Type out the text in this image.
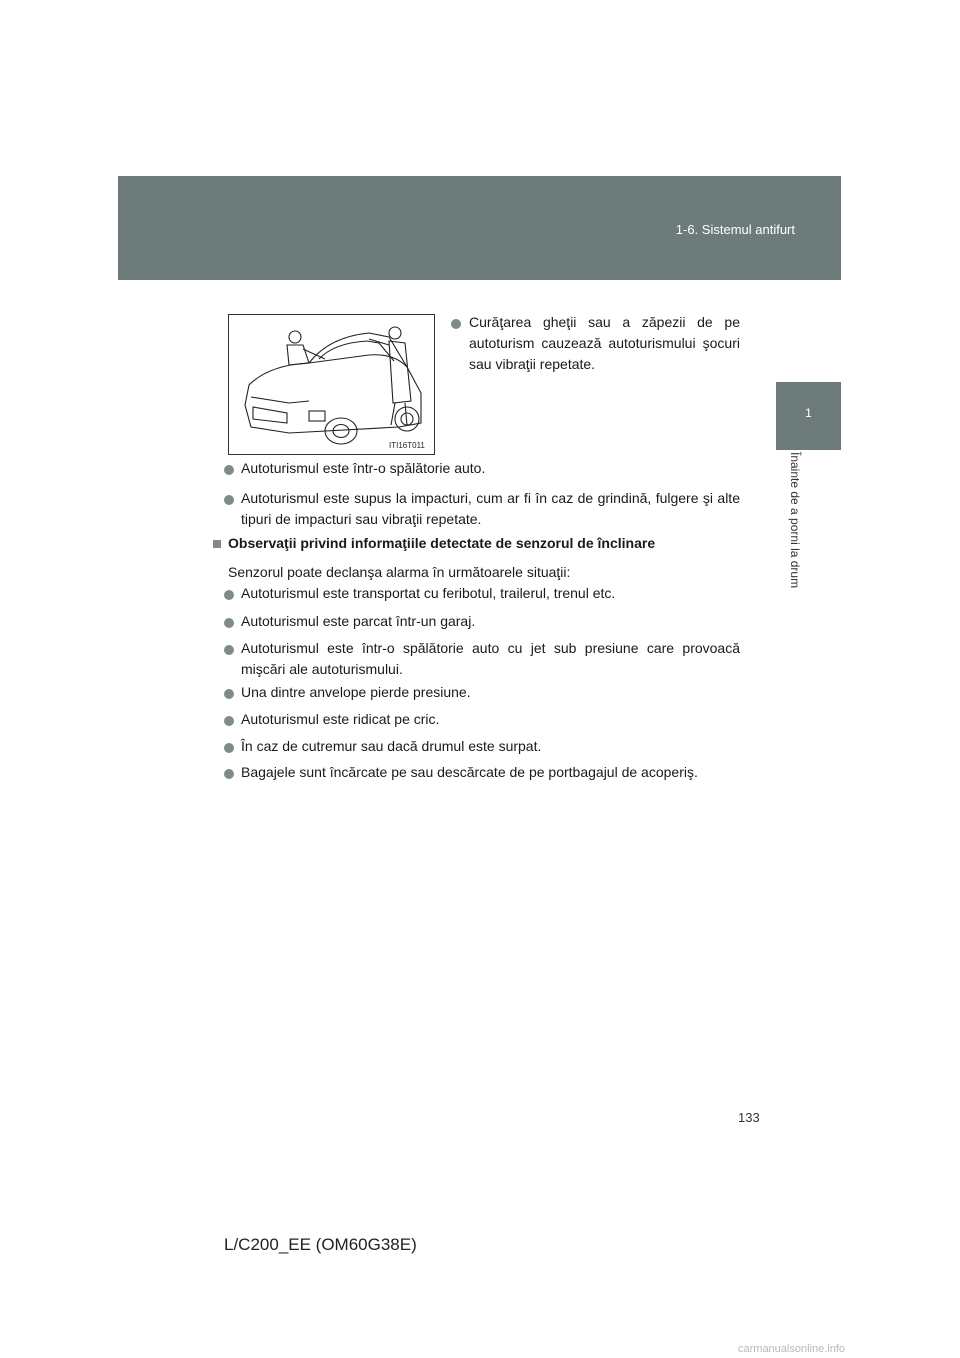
1-6. Sistemul antifurt
1
Înainte de a porni la drum
ITI16T011
Curăţarea gheţii sau a zăpezii de pe autoturism cauzează autoturismului şocuri sau vibraţii repetate.
Autoturismul este într-o spălătorie auto.
Autoturismul este supus la impacturi, cum ar fi în caz de grindină, fulgere şi alte tipuri de impacturi sau vibraţii repetate.
Observaţii privind informaţiile detectate de senzorul de înclinare
Senzorul poate declanşa alarma în următoarele situaţii:
Autoturismul este transportat cu feribotul, trailerul, trenul etc.
Autoturismul este parcat într-un garaj.
Autoturismul este într-o spălătorie auto cu jet sub presiune care provoacă mişcări ale autoturismului.
Una dintre anvelope pierde presiune.
Autoturismul este ridicat pe cric.
În caz de cutremur sau dacă drumul este surpat.
Bagajele sunt încărcate pe sau descărcate de pe portbagajul de acoperiş.
133
L/C200_EE (OM60G38E)
carmanualsonline.info
